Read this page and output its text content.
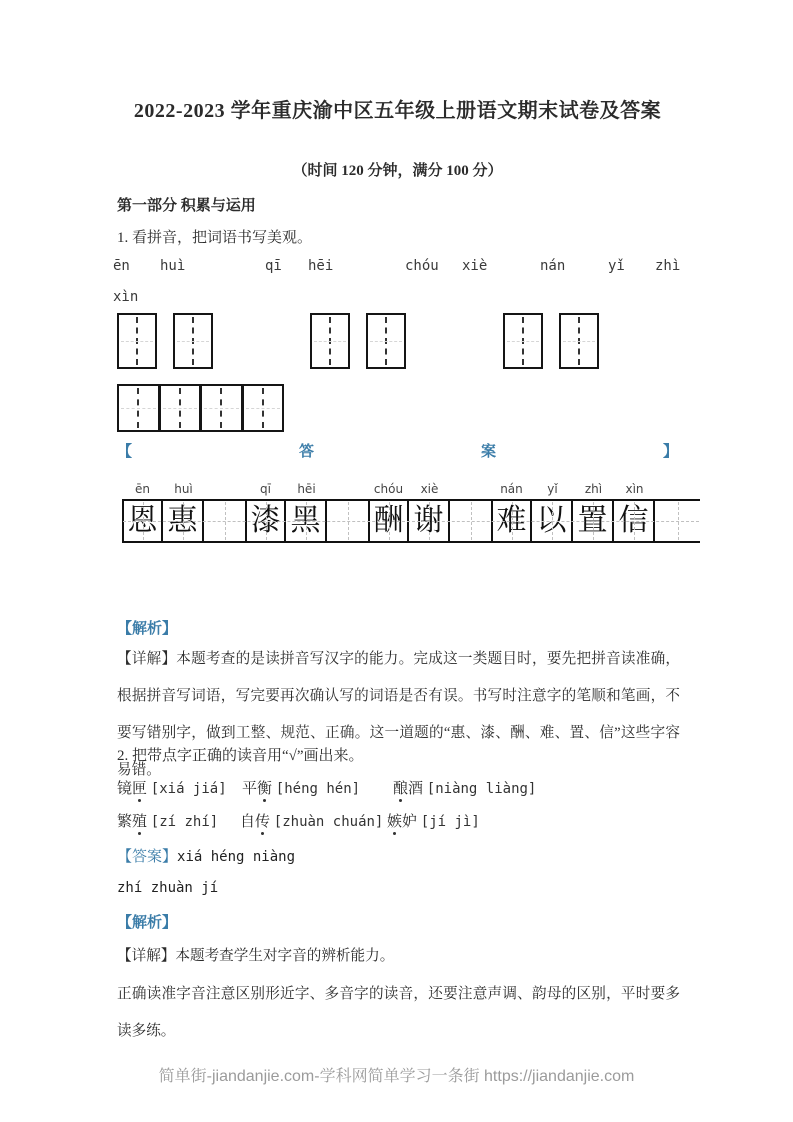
2022-2023 学年重庆渝中区五年级上册语文期末试卷及答案
（时间 120 分钟，满分 100 分）
第一部分 积累与运用
1. 看拼音，把词语书写美观。
ēn huì	qī hēi	chóu xiè	nán	yǐ zhì
xìn
【	答	案	】
ēn	huì	qī	hēi	chóu	xiè	nán	yǐ	zhì	xìn
恩 惠 漆 黑 酬 谢 难 以 置 信
【解析】
【详解】本题考查的是读拼音写汉字的能力。完成这一类题目时，要先把拼音读准确，根据拼音写词语，写完要再次确认写的词语是否有误。书写时注意字的笔顺和笔画，不要写错别字，做到工整、规范、正确。这一道题的“惠、漆、酬、难、置、信”这些字容易错。
2. 把带点字正确的读音用“√”画出来。
镜匣 [xiá jiá] 平衡 [héng hén] 酿酒 [niàng liàng]
繁殖 [zí zhí] 自传 [zhuàn chuán] 嫉妒 [jí jì]
【答案】xiá héng niàng
zhí zhuàn jí
【解析】
【详解】本题考查学生对字音的辨析能力。
正确读准字音注意区别形近字、多音字的读音，还要注意声调、韵母的区别，平时要多读多练。
简单街-jiandanjie.com-学科网简单学习一条街 https://jiandanjie.com
